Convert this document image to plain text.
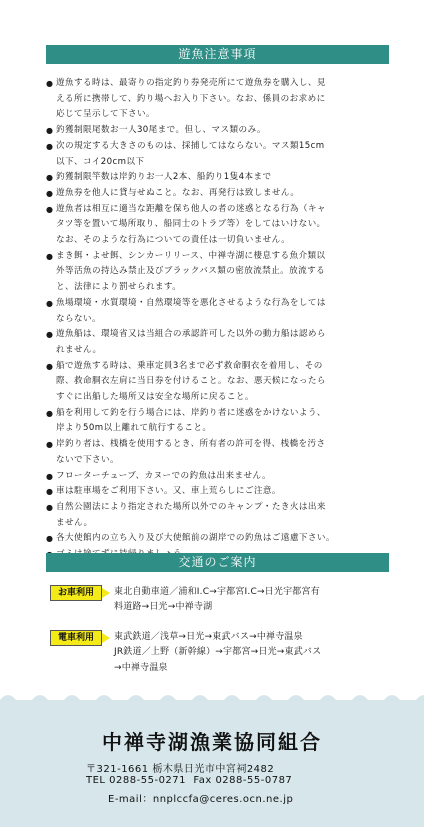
遊魚注意事項
● 遊魚する時は、最寄りの指定釣り券発売所にて遊魚券を購入し、見
える所に携帯して、釣り場へお入り下さい。なお、係員のお求めに
応じて呈示して下さい。
● 釣獲制限尾数お一人30尾まで。但し、マス類のみ。
● 次の規定する大きさのものは、採捕してはならない。マス類15cm
以下、コイ20cm以下
● 釣獲制限竿数は岸釣りお一人2本、船釣り1隻4本まで
● 遊魚券を他人に貸与せぬこと。なお、再発行は致しません。
● 遊魚者は相互に適当な距離を保ち他人の者の迷惑となる行為（キャ
タツ等を置いて場所取り、船同士のトラブ等）をしてはいけない。
なお、そのような行為についての責任は一切負いません。
● まき餌・よせ餌、シンカーリリース、中禅寺湖に棲息する魚介類以
外等活魚の持込み禁止及びブラックバス類の密放流禁止。放流する
と、法律により罰せられます。
● 魚場環境・水質環境・自然環境等を悪化させるような行為をしては
ならない。
● 遊魚船は、環境省又は当組合の承認許可した以外の動力船は認めら
れません。
● 船で遊魚する時は、乗車定員3名まで必ず救命胴衣を着用し、その
際、救命胴衣左肩に当日券を付けること。なお、悪天候になったら
すぐに出船した場所又は安全な場所に戻ること。
● 船を利用して釣を行う場合には、岸釣り者に迷惑をかけないよう、
岸より50m以上離れて航行すること。
● 岸釣り者は、桟橋を使用するとき、所有者の許可を得、桟橋を汚さ
ないで下さい。
● フローターチューブ、カヌーでの釣魚は出来ません。
● 車は駐車場をご利用下さい。又、車上荒らしにご注意。
● 自然公園法により指定された場所以外でのキャンプ・たき火は出来
ません。
● 各大使館内の立ち入り及び大使館前の湖岸での釣魚はご遠慮下さい。
交通のご案内
お車利用	東北自動車道／浦和I.C→宇都宮I.C→日光宇都宮有
料道路→日光→中禅寺湖
電車利用	東武鉄道／浅草→日光→東武バス→中禅寺温泉
JR鉄道／上野（新幹線）→宇都宮→日光→東武バス
→中禅寺温泉
中禅寺湖漁業協同組合
〒321-1661 栃木県日光市中宮祠2482
TEL 0288-55-0271 Fax 0288-55-0787
E-mail：nnplccfa@ceres.ocn.ne.jp
